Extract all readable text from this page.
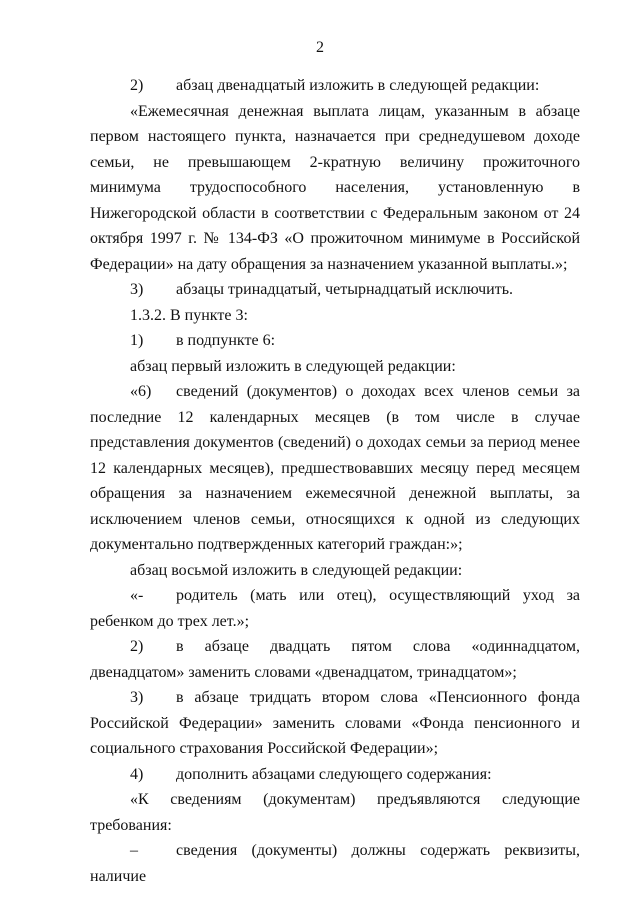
2

2) абзац двенадцатый изложить в следующей редакции:

«Ежемесячная денежная выплата лицам, указанным в абзаце первом настоящего пункта, назначается при среднедушевом доходе семьи, не превышающем 2-кратную величину прожиточного минимума трудоспособного населения, установленную в Нижегородской области в соответствии с Федеральным законом от 24 октября 1997 г. № 134-ФЗ «О прожиточном минимуме в Российской Федерации» на дату обращения за назначением указанной выплаты.»;

3) абзацы тринадцатый, четырнадцатый исключить.

1.3.2. В пункте 3:

1) в подпункте 6:

абзац первый изложить в следующей редакции:

«6) сведений (документов) о доходах всех членов семьи за последние 12 календарных месяцев (в том числе в случае представления документов (сведений) о доходах семьи за период менее 12 календарных месяцев), предшествовавших месяцу перед месяцем обращения за назначением ежемесячной денежной выплаты, за исключением членов семьи, относящихся к одной из следующих документально подтвержденных категорий граждан:»;

абзац восьмой изложить в следующей редакции:

«- родитель (мать или отец), осуществляющий уход за ребенком до трех лет.»;

2) в абзаце двадцать пятом слова «одиннадцатом, двенадцатом» заменить словами «двенадцатом, тринадцатом»;

3) в абзаце тридцать втором слова «Пенсионного фонда Российской Федерации» заменить словами «Фонда пенсионного и социального страхования Российской Федерации»;

4) дополнить абзацами следующего содержания:

«К сведениям (документам) предъявляются следующие требования:

– сведения (документы) должны содержать реквизиты, наличие
